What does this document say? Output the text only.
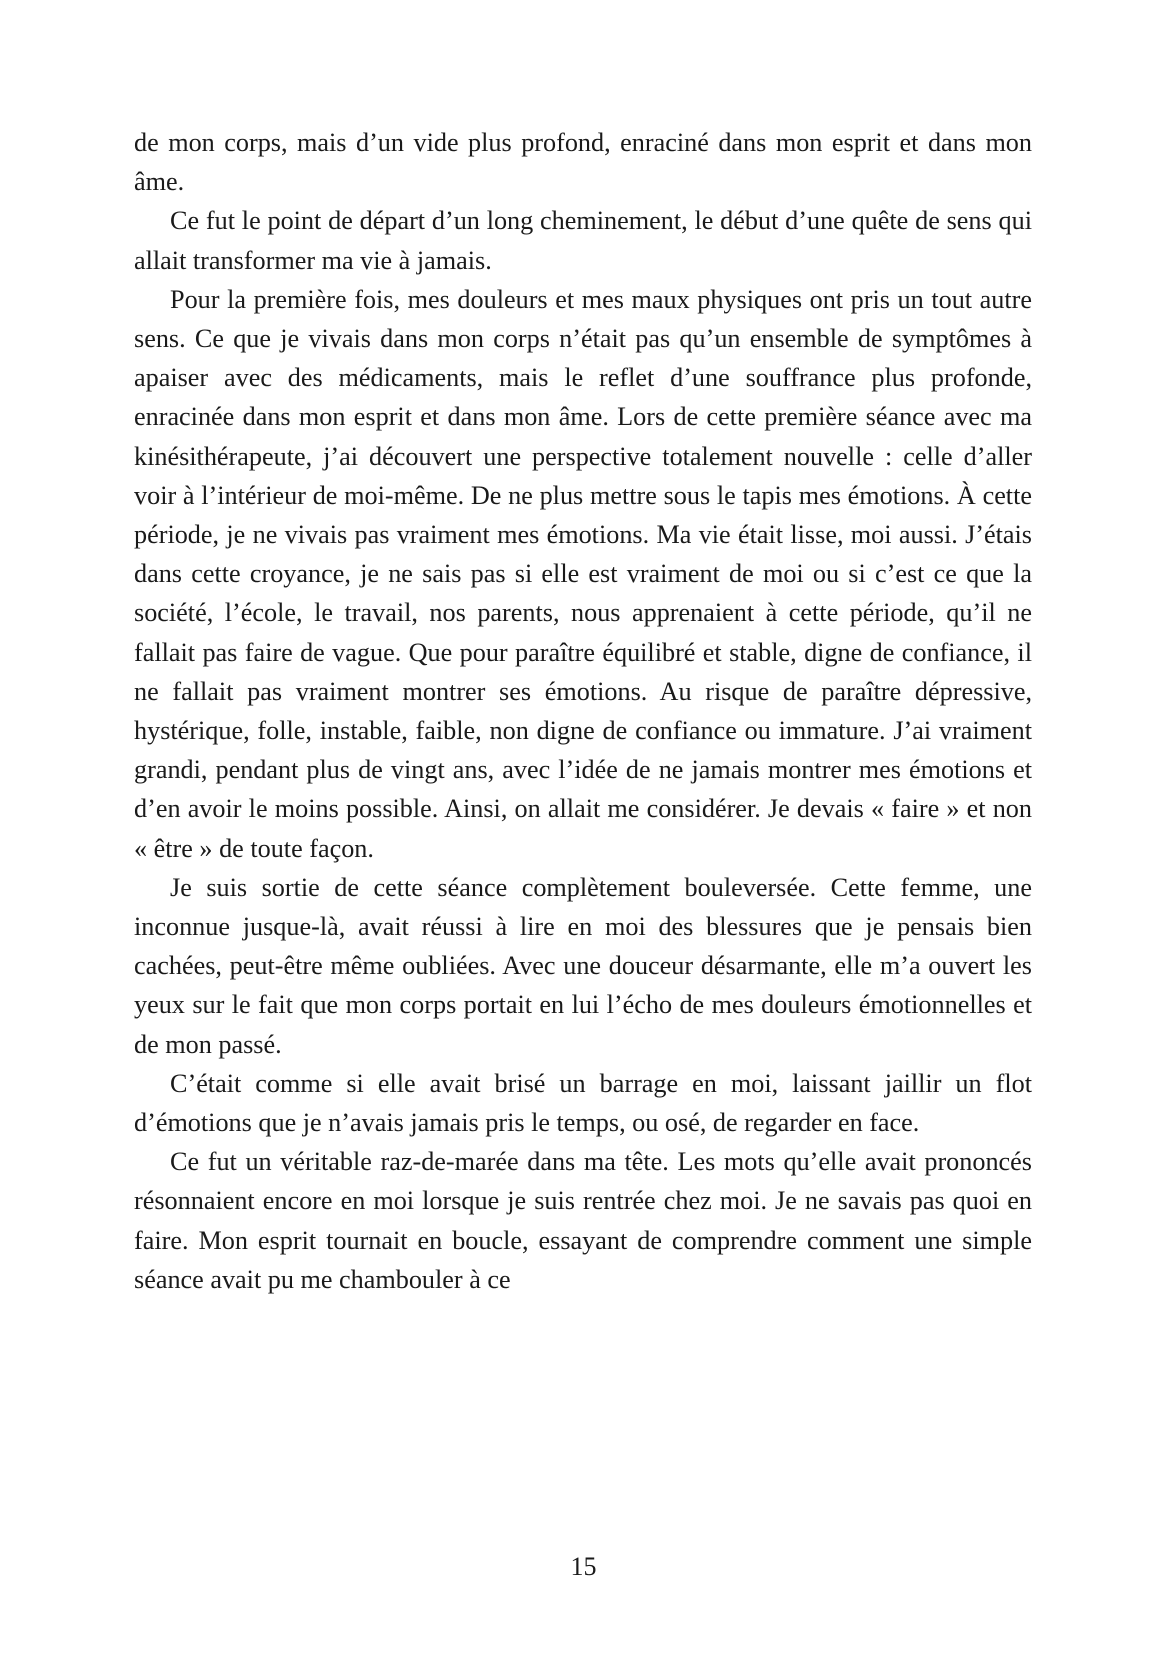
de mon corps, mais d’un vide plus profond, enraciné dans mon esprit et dans mon âme.

Ce fut le point de départ d’un long cheminement, le début d’une quête de sens qui allait transformer ma vie à jamais.

Pour la première fois, mes douleurs et mes maux physiques ont pris un tout autre sens. Ce que je vivais dans mon corps n’était pas qu’un ensemble de symptômes à apaiser avec des médicaments, mais le reflet d’une souffrance plus profonde, enracinée dans mon esprit et dans mon âme. Lors de cette première séance avec ma kinésithérapeute, j’ai découvert une perspective totalement nouvelle : celle d’aller voir à l’intérieur de moi-même. De ne plus mettre sous le tapis mes émotions. À cette période, je ne vivais pas vraiment mes émotions. Ma vie était lisse, moi aussi. J’étais dans cette croyance, je ne sais pas si elle est vraiment de moi ou si c’est ce que la société, l’école, le travail, nos parents, nous apprenaient à cette période, qu’il ne fallait pas faire de vague. Que pour paraître équilibré et stable, digne de confiance, il ne fallait pas vraiment montrer ses émotions. Au risque de paraître dépressive, hystérique, folle, instable, faible, non digne de confiance ou immature. J’ai vraiment grandi, pendant plus de vingt ans, avec l’idée de ne jamais montrer mes émotions et d’en avoir le moins possible. Ainsi, on allait me considérer. Je devais « faire » et non « être » de toute façon.

Je suis sortie de cette séance complètement bouleversée. Cette femme, une inconnue jusque-là, avait réussi à lire en moi des blessures que je pensais bien cachées, peut-être même oubliées. Avec une douceur désarmante, elle m’a ouvert les yeux sur le fait que mon corps portait en lui l’écho de mes douleurs émotionnelles et de mon passé.

C’était comme si elle avait brisé un barrage en moi, laissant jaillir un flot d’émotions que je n’avais jamais pris le temps, ou osé, de regarder en face.

Ce fut un véritable raz-de-marée dans ma tête. Les mots qu’elle avait prononcés résonnaient encore en moi lorsque je suis rentrée chez moi. Je ne savais pas quoi en faire. Mon esprit tournait en boucle, essayant de comprendre comment une simple séance avait pu me chambouler à ce

15
